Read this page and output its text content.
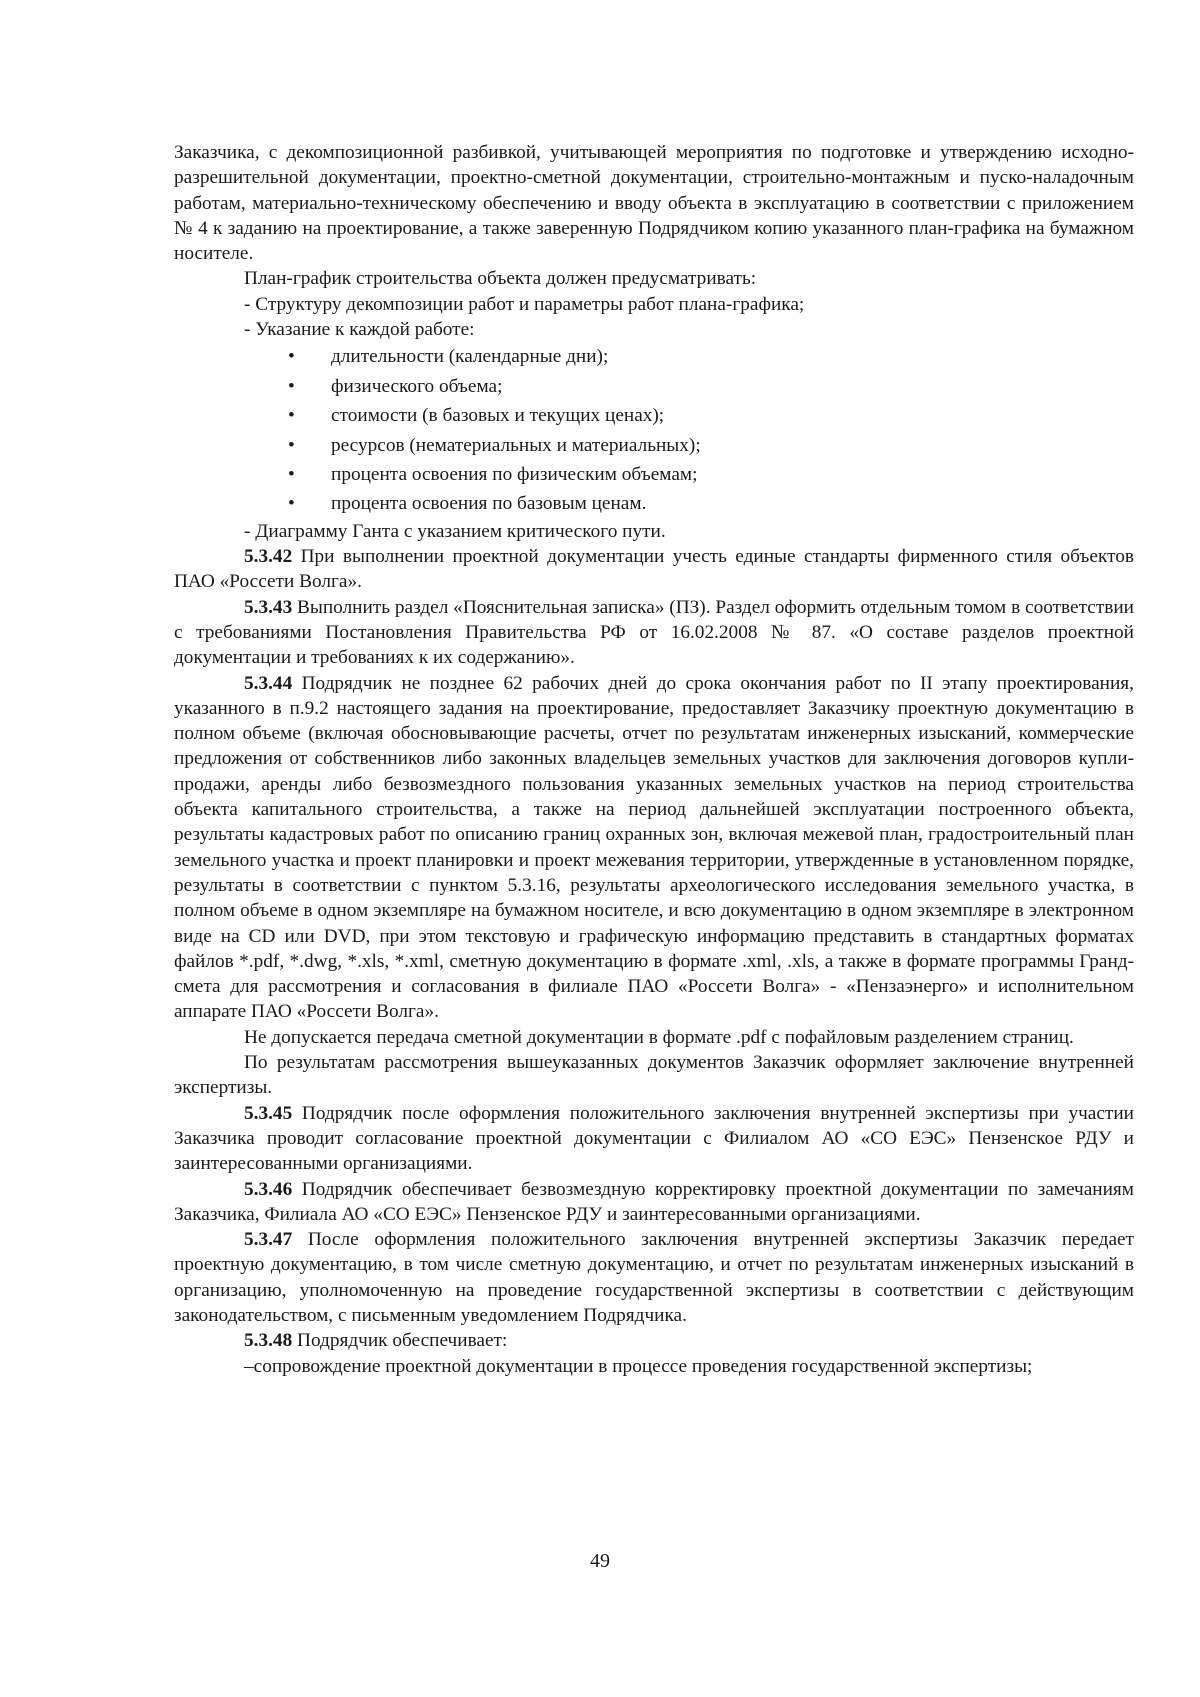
Заказчика, с декомпозиционной разбивкой, учитывающей мероприятия по подготовке и утверждению исходно-разрешительной документации, проектно-сметной документации, строительно-монтажным и пуско-наладочным работам, материально-техническому обеспечению и вводу объекта в эксплуатацию в соответствии с приложением № 4 к заданию на проектирование, а также заверенную Подрядчиком копию указанного план-графика на бумажном носителе.

План-график строительства объекта должен предусматривать:

- Структуру декомпозиции работ и параметры работ плана-графика;

- Указание к каждой работе:

• длительности (календарные дни);
• физического объема;
• стоимости (в базовых и текущих ценах);
• ресурсов (нематериальных и материальных);
• процента освоения по физическим объемам;
• процента освоения по базовым ценам.

- Диаграмму Ганта с указанием критического пути.

5.3.42 При выполнении проектной документации учесть единые стандарты фирменного стиля объектов ПАО «Россети Волга».

5.3.43 Выполнить раздел «Пояснительная записка» (ПЗ). Раздел оформить отдельным томом в соответствии с требованиями Постановления Правительства РФ от 16.02.2008 № 87. «О составе разделов проектной документации и требованиях к их содержанию».

5.3.44 Подрядчик не позднее 62 рабочих дней до срока окончания работ по II этапу проектирования, указанного в п.9.2 настоящего задания на проектирование, предоставляет Заказчику проектную документацию в полном объеме (включая обосновывающие расчеты, отчет по результатам инженерных изысканий, коммерческие предложения от собственников либо законных владельцев земельных участков для заключения договоров купли-продажи, аренды либо безвозмездного пользования указанных земельных участков на период строительства объекта капитального строительства, а также на период дальнейшей эксплуатации построенного объекта, результаты кадастровых работ по описанию границ охранных зон, включая межевой план, градостроительный план земельного участка и проект планировки и проект межевания территории, утвержденные в установленном порядке, результаты в соответствии с пунктом 5.3.16, результаты археологического исследования земельного участка, в полном объеме в одном экземпляре на бумажном носителе, и всю документацию в одном экземпляре в электронном виде на CD или DVD, при этом текстовую и графическую информацию представить в стандартных форматах файлов *.pdf, *.dwg, *.xls, *.xml, сметную документацию в формате .xml, .xls, а также в формате программы Гранд-смета для рассмотрения и согласования в филиале ПАО «Россети Волга» - «Пензаэнерго» и исполнительном аппарате ПАО «Россети Волга».

Не допускается передача сметной документации в формате .pdf с пофайловым разделением страниц.

По результатам рассмотрения вышеуказанных документов Заказчик оформляет заключение внутренней экспертизы.

5.3.45 Подрядчик после оформления положительного заключения внутренней экспертизы при участии Заказчика проводит согласование проектной документации с Филиалом АО «СО ЕЭС» Пензенское РДУ и заинтересованными организациями.

5.3.46 Подрядчик обеспечивает безвозмездную корректировку проектной документации по замечаниям Заказчика, Филиала АО «СО ЕЭС» Пензенское РДУ и заинтересованными организациями.

5.3.47 После оформления положительного заключения внутренней экспертизы Заказчик передает проектную документацию, в том числе сметную документацию, и отчет по результатам инженерных изысканий в организацию, уполномоченную на проведение государственной экспертизы в соответствии с действующим законодательством, с письменным уведомлением Подрядчика.

5.3.48 Подрядчик обеспечивает:

–сопровождение проектной документации в процессе проведения государственной экспертизы;

49
